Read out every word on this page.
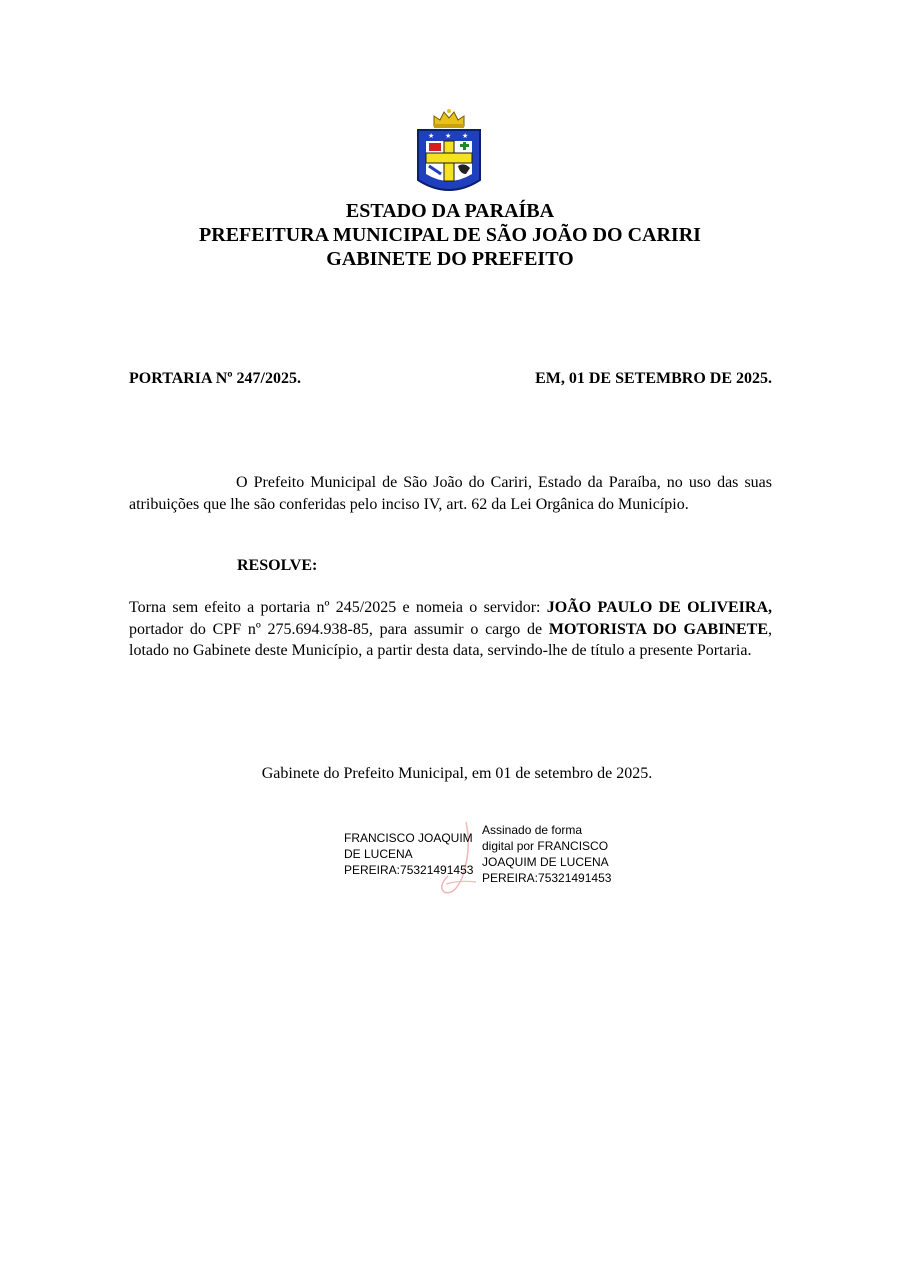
★ ★ ★
ESTADO DA PARAÍBA
PREFEITURA MUNICIPAL DE SÃO JOÃO DO CARIRI
GABINETE DO PREFEITO
PORTARIA Nº 247/2025.	EM, 01 DE SETEMBRO DE 2025.
O Prefeito Municipal de São João do Cariri, Estado da Paraíba, no uso das suas atribuições que lhe são conferidas pelo inciso IV, art. 62 da Lei Orgânica do Município.
RESOLVE:
Torna sem efeito a portaria nº 245/2025 e nomeia o servidor: JOÃO PAULO DE OLIVEIRA, portador do CPF nº 275.694.938-85, para assumir o cargo de MOTORISTA DO GABINETE, lotado no Gabinete deste Município, a partir desta data, servindo-lhe de título a presente Portaria.
Gabinete do Prefeito Municipal, em 01 de setembro de 2025.
FRANCISCO JOAQUIM
DE LUCENA
PEREIRA:75321491453
Assinado de forma
digital por FRANCISCO
JOAQUIM DE LUCENA
PEREIRA:75321491453
